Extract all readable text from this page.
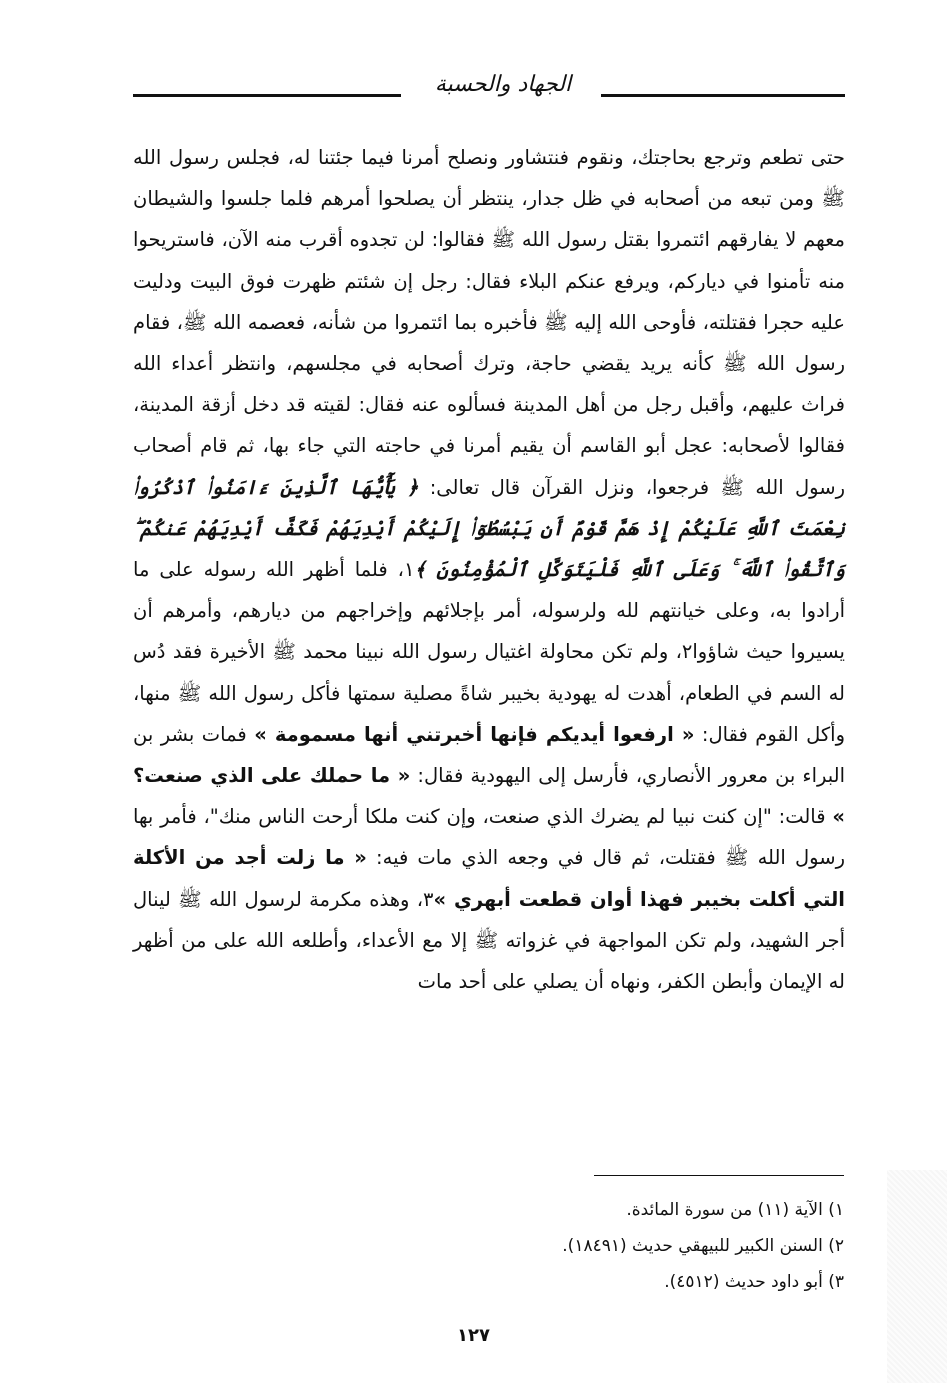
الجهاد والحسبة

حتى تطعم وترجع بحاجتك، ونقوم فنتشاور ونصلح أمرنا فيما جئتنا له، فجلس رسول الله ﷺ ومن تبعه من أصحابه في ظل جدار، ينتظر أن يصلحوا أمرهم فلما جلسوا والشيطان معهم لا يفارقهم ائتمروا بقتل رسول الله ﷺ فقالوا: لن تجدوه أقرب منه الآن، فاستريحوا منه تأمنوا في دياركم، ويرفع عنكم البلاء فقال: رجل إن شئتم ظهرت فوق البيت ودليت عليه حجرا فقتلته، فأوحى الله إليه ﷺ فأخبره بما ائتمروا من شأنه، فعصمه الله ﷺ، فقام رسول الله ﷺ كأنه يريد يقضي حاجة، وترك أصحابه في مجلسهم، وانتظر أعداء الله فراث عليهم، وأقبل رجل من أهل المدينة فسألوه عنه فقال: لقيته قد دخل أزقة المدينة، فقالوا لأصحابه: عجل أبو القاسم أن يقيم أمرنا في حاجته التي جاء بها، ثم قام أصحاب رسول الله ﷺ فرجعوا، ونزل القرآن قال تعالى: ﴿ يَٰٓأَيُّهَا ٱلَّذِينَ ءَامَنُوا۟ ٱذْكُرُوا۟ نِعْمَتَ ٱللَّهِ عَلَيْكُمْ إِذْ هَمَّ قَوْمٌ أَن يَبْسُطُوٓا۟ إِلَيْكُمْ أَيْدِيَهُمْ فَكَفَّ أَيْدِيَهُمْ عَنكُمْ ۖ وَٱتَّقُوا۟ ٱللَّهَ ۚ وَعَلَى ٱللَّهِ فَلْيَتَوَكَّلِ ٱلْمُؤْمِنُونَ ﴾١، فلما أظهر الله رسوله على ما أرادوا به، وعلى خيانتهم لله ولرسوله، أمر بإجلائهم وإخراجهم من ديارهم، وأمرهم أن يسيروا حيث شاؤوا٢، ولم تكن محاولة اغتيال رسول الله نبينا محمد ﷺ الأخيرة فقد دُس له السم في الطعام، أهدت له يهودية بخيبر شاةً مصلية سمتها فأكل رسول الله ﷺ منها، وأكل القوم فقال: « ارفعوا أيديكم فإنها أخبرتني أنها مسمومة » فمات بشر بن البراء بن معرور الأنصاري، فأرسل إلى اليهودية فقال: « ما حملك على الذي صنعت؟ » قالت: "إن كنت نبيا لم يضرك الذي صنعت، وإن كنت ملكا أرحت الناس منك"، فأمر بها رسول الله ﷺ فقتلت، ثم قال في وجعه الذي مات فيه: « ما زلت أجد من الأكلة التي أكلت بخيبر فهذا أوان قطعت أبهري »٣، وهذه مكرمة لرسول الله ﷺ لينال أجر الشهيد، ولم تكن المواجهة في غزواته ﷺ إلا مع الأعداء، وأطلعه الله على من أظهر له الإيمان وأبطن الكفر، ونهاه أن يصلي على أحد مات

١) الآية (١١) من سورة المائدة.
٢) السنن الكبير للبيهقي حديث (١٨٤٩١).
٣) أبو داود حديث (٤٥١٢).
١٢٧
